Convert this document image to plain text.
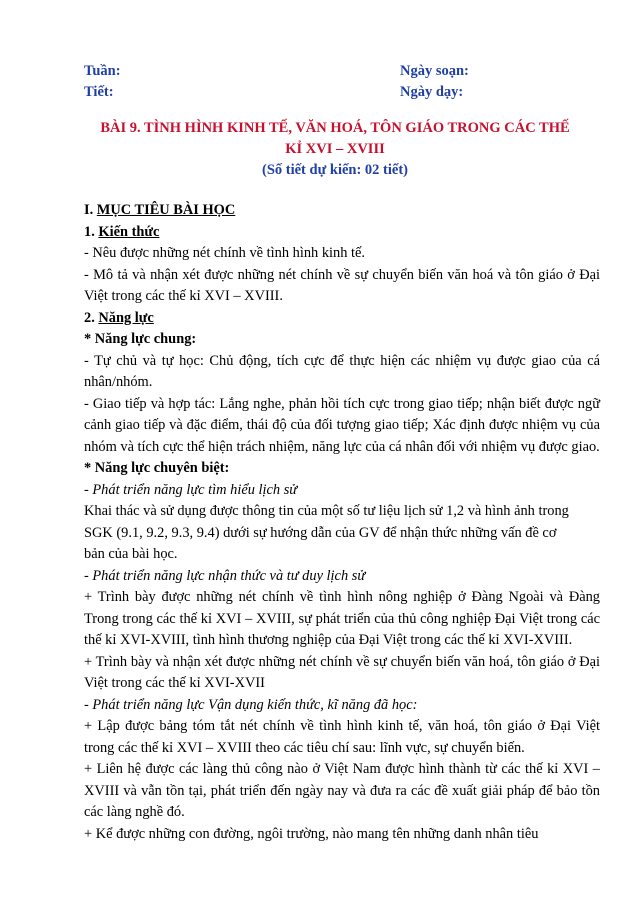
Tuần:	Ngày soạn:
Tiết:	Ngày dạy:
BÀI 9. TÌNH HÌNH KINH TẾ, VĂN HOÁ, TÔN GIÁO TRONG CÁC THẾ
KỈ XVI – XVIII
(Số tiết dự kiến: 02 tiết)

I. MỤC TIÊU BÀI HỌC

1. Kiến thức

- Nêu được những nét chính về tình hình kinh tế.

- Mô tả và nhận xét được những nét chính về sự chuyển biến văn hoá và tôn giáo ở Đại Việt trong các thế kỉ XVI – XVIII.

2. Năng lực

* Năng lực chung:

- Tự chủ và tự học: Chủ động, tích cực để thực hiện các nhiệm vụ được giao của cá nhân/nhóm.

- Giao tiếp và hợp tác: Lắng nghe, phản hồi tích cực trong giao tiếp; nhận biết được ngữ cảnh giao tiếp và đặc điểm, thái độ của đối tượng giao tiếp; Xác định được nhiệm vụ của nhóm và tích cực thể hiện trách nhiệm, năng lực của cá nhân đối với nhiệm vụ được giao.

* Năng lực chuyên biệt:

- Phát triển năng lực tìm hiểu lịch sử

Khai thác và sử dụng được thông tin của một số tư liệu lịch sử 1,2 và hình ảnh trong SGK (9.1, 9.2, 9.3, 9.4) dưới sự hướng dẫn của GV để nhận thức những vấn đề cơ bản của bài học.

- Phát triển năng lực nhận thức và tư duy lịch sử

+ Trình bày được những nét chính về tình hình nông nghiệp ở Đàng Ngoài và Đàng Trong trong các thế kỉ XVI – XVIII, sự phát triển của thủ công nghiệp Đại Việt trong các thế kỉ XVI-XVIII, tình hình thương nghiệp của Đại Việt trong các thế kỉ XVI-XVIII.

+ Trình bày và nhận xét được những nét chính về sự chuyển biến văn hoá, tôn giáo ở Đại Việt trong các thế kỉ XVI-XVII

- Phát triển năng lực Vận dụng kiến thức, kĩ năng đã học:

+ Lập được bảng tóm tắt nét chính về tình hình kinh tế, văn hoá, tôn giáo ở Đại Việt trong các thế kỉ XVI – XVIII theo các tiêu chí sau: lĩnh vực, sự chuyển biến.

+ Liên hệ được các làng thủ công nào ở Việt Nam được hình thành từ các thế kỉ XVI – XVIII và vẫn tồn tại, phát triển đến ngày nay và đưa ra các đề xuất giải pháp để bảo tồn các làng nghề đó.

+ Kể được những con đường, ngôi trường, nào mang tên những danh nhân tiêu
